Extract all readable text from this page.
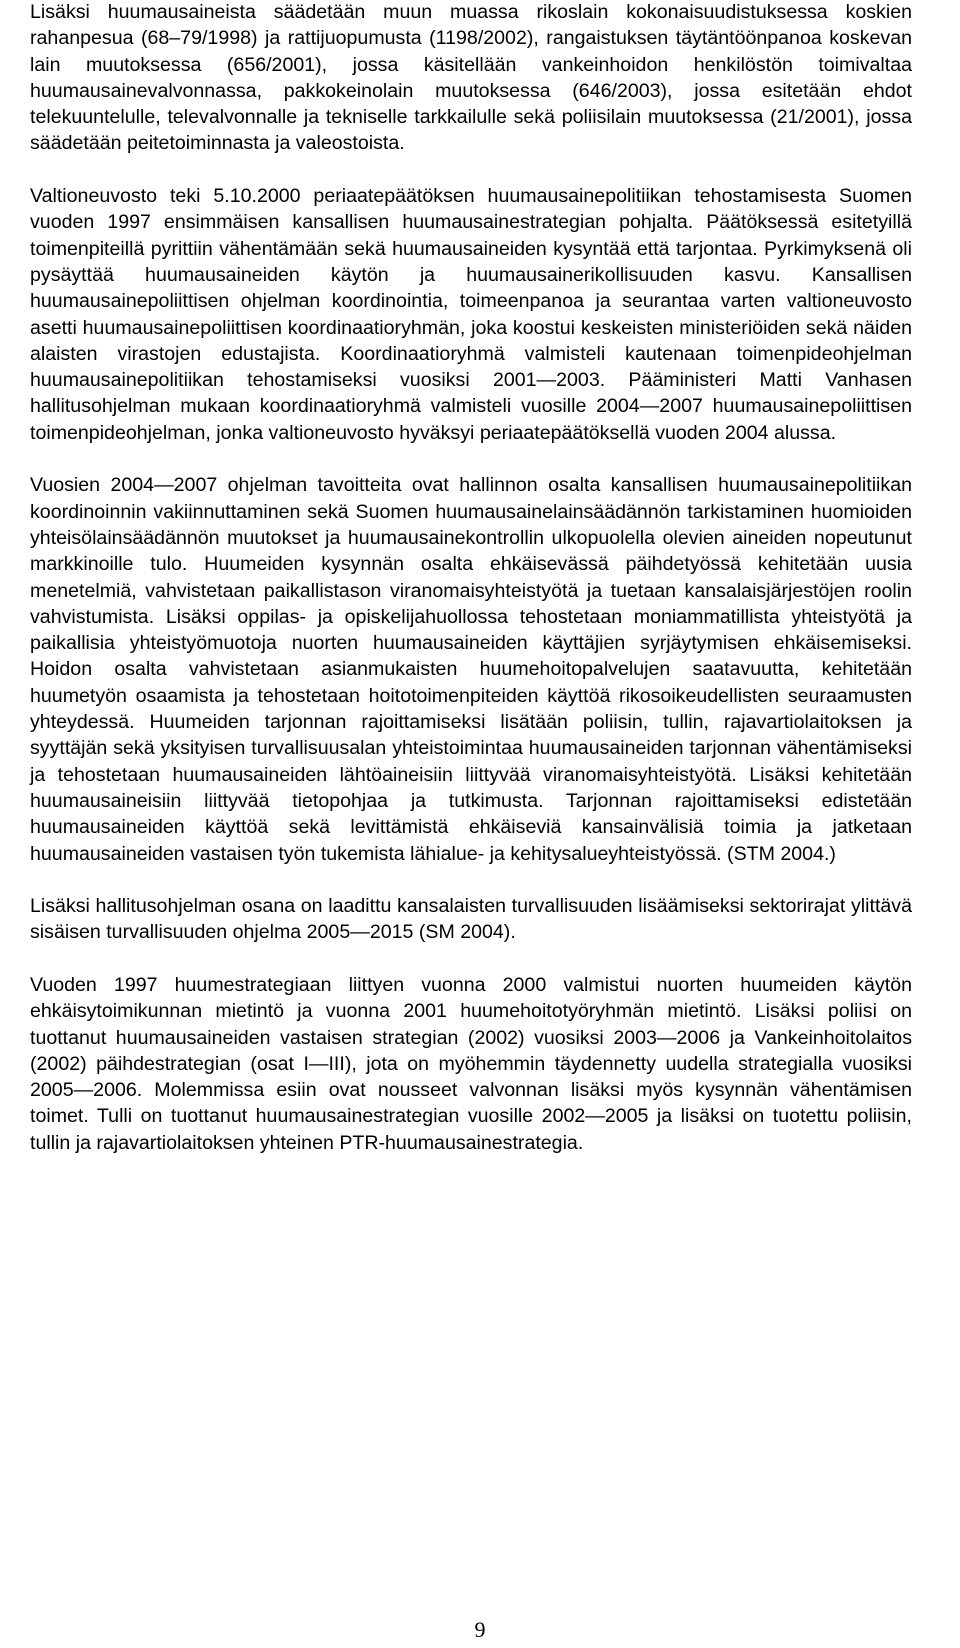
Lisäksi huumausaineista säädetään muun muassa rikoslain kokonaisuudistuksessa koskien rahanpesua (68–79/1998) ja rattijuopumusta (1198/2002), rangaistuksen täytäntöönpanoa koskevan lain muutoksessa (656/2001), jossa käsitellään vankeinhoidon henkilöstön toimivaltaa huumausainevalvonnassa, pakkokeinolain muutoksessa (646/2003), jossa esitetään ehdot telekuuntelulle, televalvonnalle ja tekniselle tarkkailulle sekä poliisilain muutoksessa (21/2001), jossa säädetään peitetoiminnasta ja valeostoista.

Valtioneuvosto teki 5.10.2000 periaatepäätöksen huumausainepolitiikan tehostamisesta Suomen vuoden 1997 ensimmäisen kansallisen huumausainestrategian pohjalta. Päätöksessä esitetyillä toimenpiteillä pyrittiin vähentämään sekä huumausaineiden kysyntää että tarjontaa. Pyrkimyksenä oli pysäyttää huumausaineiden käytön ja huumausainerikollisuuden kasvu. Kansallisen huumausainepoliittisen ohjelman koordinointia, toimeenpanoa ja seurantaa varten valtioneuvosto asetti huumausainepoliittisen koordinaatioryhmän, joka koostui keskeisten ministeriöiden sekä näiden alaisten virastojen edustajista. Koordinaatioryhmä valmisteli kautenaan toimenpideohjelman huumausainepolitiikan tehostamiseksi vuosiksi 2001—2003. Pääministeri Matti Vanhasen hallitusohjelman mukaan koordinaatioryhmä valmisteli vuosille 2004—2007 huumausainepoliittisen toimenpideohjelman, jonka valtioneuvosto hyväksyi periaatepäätöksellä vuoden 2004 alussa.

Vuosien 2004—2007 ohjelman tavoitteita ovat hallinnon osalta kansallisen huumausainepolitiikan koordinoinnin vakiinnuttaminen sekä Suomen huumausainelainsäädännön tarkistaminen huomioiden yhteisölainsäädännön muutokset ja huumausainekontrollin ulkopuolella olevien aineiden nopeutunut markkinoille tulo. Huumeiden kysynnän osalta ehkäisevässä päihdetyössä kehitetään uusia menetelmiä, vahvistetaan paikallistason viranomaisyhteistyötä ja tuetaan kansalaisjärjestöjen roolin vahvistumista. Lisäksi oppilas- ja opiskelijahuollossa tehostetaan moniammatillista yhteistyötä ja paikallisia yhteistyömuotoja nuorten huumausaineiden käyttäjien syrjäytymisen ehkäisemiseksi. Hoidon osalta vahvistetaan asianmukaisten huumehoitopalvelujen saatavuutta, kehitetään huumetyön osaamista ja tehostetaan hoitotoimenpiteiden käyttöä rikosoikeudellisten seuraamusten yhteydessä. Huumeiden tarjonnan rajoittamiseksi lisätään poliisin, tullin, rajavartiolaitoksen ja syyttäjän sekä yksityisen turvallisuusalan yhteistoimintaa huumausaineiden tarjonnan vähentämiseksi ja tehostetaan huumausaineiden lähtöaineisiin liittyvää viranomaisyhteistyötä. Lisäksi kehitetään huumausaineisiin liittyvää tietopohjaa ja tutkimusta. Tarjonnan rajoittamiseksi edistetään huumausaineiden käyttöä sekä levittämistä ehkäiseviä kansainvälisiä toimia ja jatketaan huumausaineiden vastaisen työn tukemista lähialue- ja kehitysalueyhteistyössä. (STM 2004.)

Lisäksi hallitusohjelman osana on laadittu kansalaisten turvallisuuden lisäämiseksi sektorirajat ylittävä sisäisen turvallisuuden ohjelma 2005—2015 (SM 2004).

Vuoden 1997 huumestrategiaan liittyen vuonna 2000 valmistui nuorten huumeiden käytön ehkäisytoimikunnan mietintö ja vuonna 2001 huumehoitotyöryhmän mietintö. Lisäksi poliisi on tuottanut huumausaineiden vastaisen strategian (2002) vuosiksi 2003—2006 ja Vankeinhoitolaitos (2002) päihdestrategian (osat I—III), jota on myöhemmin täydennetty uudella strategialla vuosiksi 2005—2006. Molemmissa esiin ovat nousseet valvonnan lisäksi myös kysynnän vähentämisen toimet. Tulli on tuottanut huumausainestrategian vuosille 2002—2005 ja lisäksi on tuotettu poliisin, tullin ja rajavartiolaitoksen yhteinen PTR-huumausainestrategia.

9
